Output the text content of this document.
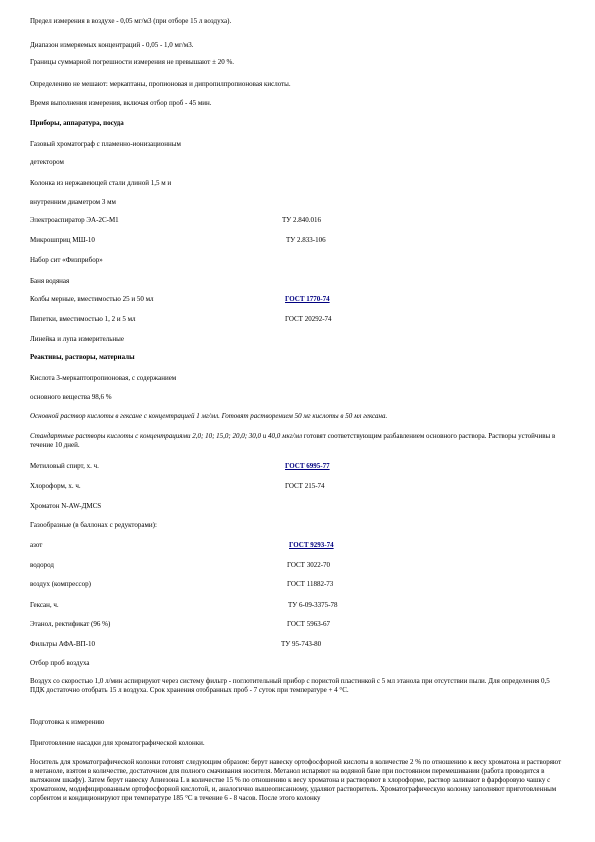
Предел измерения в воздухе - 0,05 мг/м3 (при отборе 15 л воздуха).
Диапазон измеряемых концентраций - 0,05 - 1,0 мг/м3.
Границы суммарной погрешности измерения не превышают ± 20 %.
Определению не мешают: меркаптаны, пропионовая и дипропилпропионовая кислоты.
Время выполнения измерения, включая отбор проб - 45 мин.
Приборы, аппаратура, посуда
Газовый хроматограф с пламенно-ионизационным
детектором
Колонка из нержавеющей стали длиной 1,5 м и
внутренним диаметром 3 мм
Электроаспиратор ЭА-2С-М1	ТУ 2.840.016
Микрошприц МШ-10	ТУ 2.833-106
Набор сит «Физприбор»
Баня водяная
Колбы мерные, вместимостью 25 и 50 мл	ГОСТ 1770-74
Пипетки, вместимостью 1, 2 и 5 мл	ГОСТ 20292-74
Линейка и лупа измерительные
Реактивы, растворы, материалы
Кислота 3-меркаптопропионовая, с содержанием
основного вещества 98,6 %
Основной раствор кислоты в гексане с концентрацией 1 мг/мл. Готовят растворением 50 мг кислоты в 50 мл гексана.
Стандартные растворы кислоты с концентрациями 2,0; 10; 15,0; 20,0; 30,0 и 40,0 мкг/мл готовят соответствующим разбавлением основного раствора. Растворы устойчивы в течение 10 дней.
Метиловый спирт, х. ч.	ГОСТ 6995-77
Хлороформ, х. ч.	ГОСТ 215-74
Хроматон N-AW-ДМСS
Газообразные (в баллонах с редукторами):
азот	ГОСТ 9293-74
водород	ГОСТ 3022-70
воздух (компрессор)	ГОСТ 11882-73
Гексан, ч.	ТУ 6-09-3375-78
Этанол, ректификат (96 %)	ГОСТ 5963-67
Фильтры АФА-ВП-10	ТУ 95-743-80
Отбор проб воздуха
Воздух со скоростью 1,0 л/мин аспирируют через систему фильтр - поглотительный прибор с пористой пластинкой с 5 мл этанола при отсутствии пыли. Для определения 0,5 ПДК достаточно отобрать 15 л воздуха. Срок хранения отобранных проб - 7 суток при температуре + 4 °С.
Подготовка к измерению
Приготовление насадки для хроматографической колонки.
Носитель для хроматографической колонки готовят следующим образом: берут навеску ортофосфорной кислоты в количестве 2 % по отношению к весу хроматона и растворяют в метаноле, взятом в количестве, достаточном для полного смачивания носителя. Метанол испаряют на водяной бане при постоянном перемешивании (работа проводится в вытяжном шкафу). Затем берут навеску Апиезона L в количестве 15 % по отношению к весу хроматона и растворяют в хлороформе, раствор заливают в фарфоровую чашку с хроматоном, модифицированным ортофосфорной кислотой, и, аналогично вышеописанному, удаляют растворитель. Хроматографическую колонку заполняют приготовленным сорбентом и кондиционируют при температуре 185 °С в течение 6 - 8 часов. После этого колонку
